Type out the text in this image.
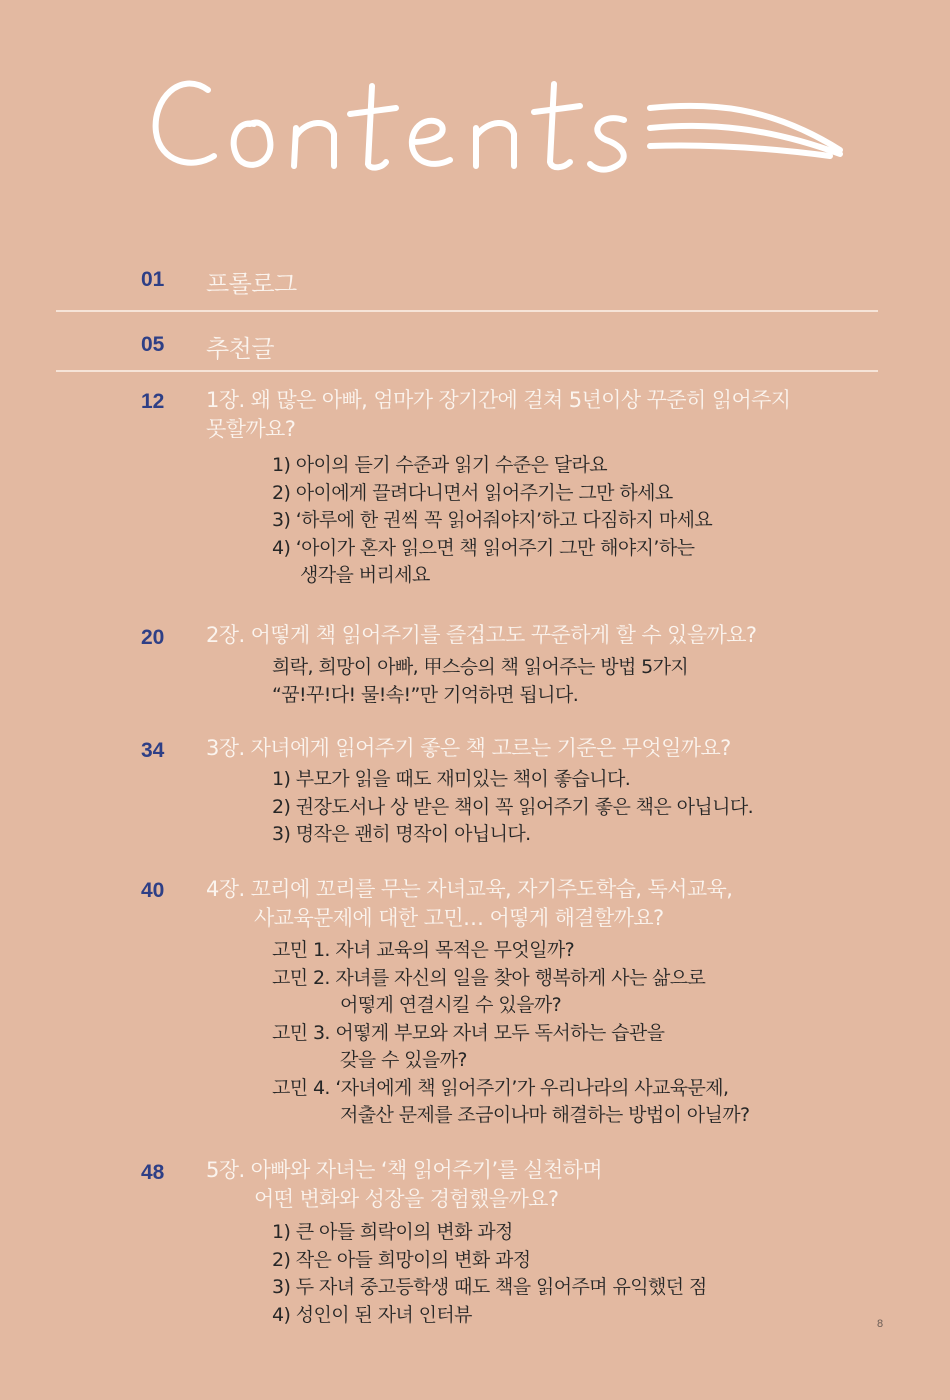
01 프롤로그
05 추천글
12 1장. 왜 많은 아빠, 엄마가 장기간에 걸쳐 5년이상 꾸준히 읽어주지
못할까요?
1) 아이의 듣기 수준과 읽기 수준은 달라요
2) 아이에게 끌려다니면서 읽어주기는 그만 하세요
3) ‘하루에 한 권씩 꼭 읽어줘야지’하고 다짐하지 마세요
4) ‘아이가 혼자 읽으면 책 읽어주기 그만 해야지’하는
생각을 버리세요
20 2장. 어떻게 책 읽어주기를 즐겁고도 꾸준하게 할 수 있을까요?
희락, 희망이 아빠, 甲스승의 책 읽어주는 방법 5가지
“꿈!꾸!다! 물!속!”만 기억하면 됩니다.
34 3장. 자녀에게 읽어주기 좋은 책 고르는 기준은 무엇일까요?
1) 부모가 읽을 때도 재미있는 책이 좋습니다.
2) 권장도서나 상 받은 책이 꼭 읽어주기 좋은 책은 아닙니다.
3) 명작은 괜히 명작이 아닙니다.
40 4장. 꼬리에 꼬리를 무는 자녀교육, 자기주도학습, 독서교육,
사교육문제에 대한 고민… 어떻게 해결할까요?
고민 1. 자녀 교육의 목적은 무엇일까?
고민 2. 자녀를 자신의 일을 찾아 행복하게 사는 삶으로
어떻게 연결시킬 수 있을까?
고민 3. 어떻게 부모와 자녀 모두 독서하는 습관을
갖을 수 있을까?
고민 4. ‘자녀에게 책 읽어주기’가 우리나라의 사교육문제,
저출산 문제를 조금이나마 해결하는 방법이 아닐까?
48 5장. 아빠와 자녀는 ‘책 읽어주기’를 실천하며
어떤 변화와 성장을 경험했을까요?
1) 큰 아들 희락이의 변화 과정
2) 작은 아들 희망이의 변화 과정
3) 두 자녀 중고등학생 때도 책을 읽어주며 유익했던 점
4) 성인이 된 자녀 인터뷰	8
